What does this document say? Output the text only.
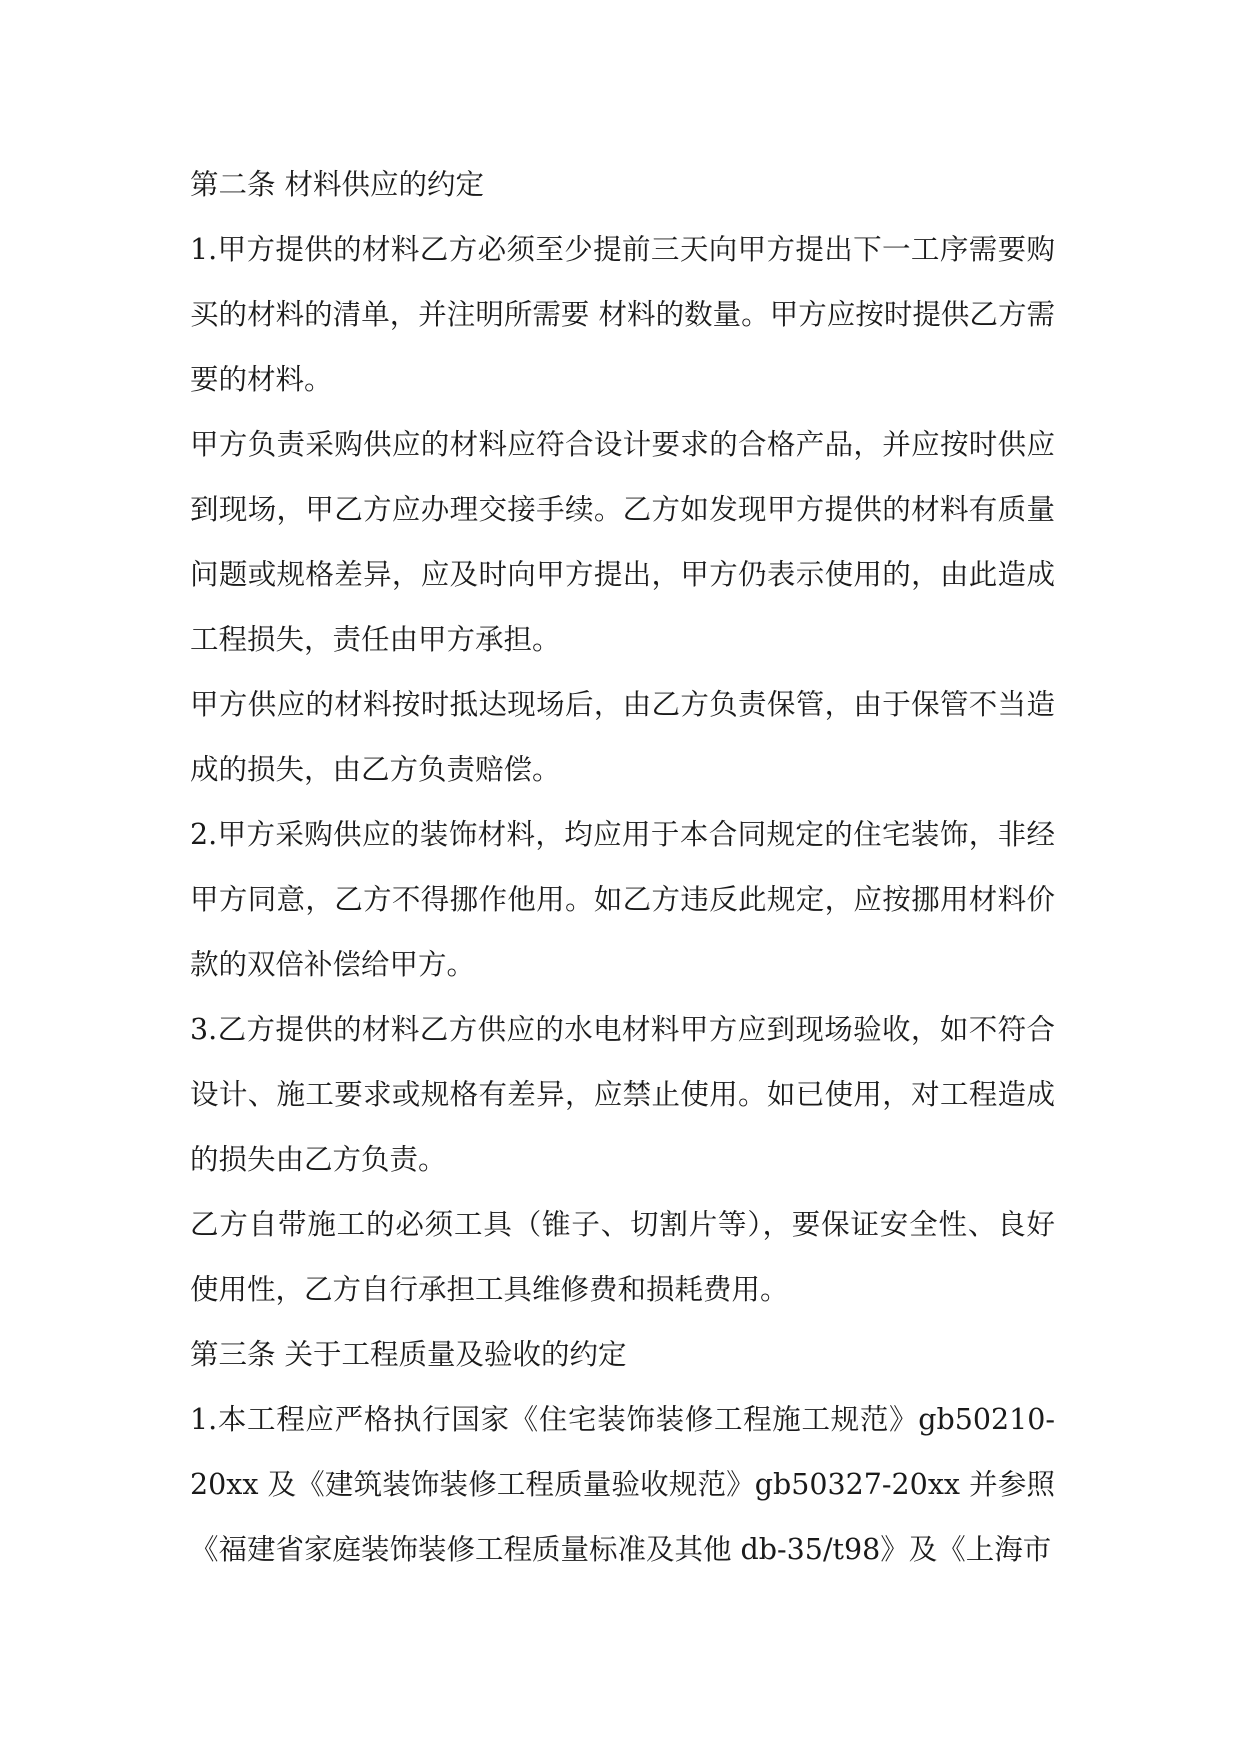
第二条 材料供应的约定

1.甲方提供的材料乙方必须至少提前三天向甲方提出下一工序需要购买的材料的清单，并注明所需要 材料的数量。甲方应按时提供乙方需要的材料。

甲方负责采购供应的材料应符合设计要求的合格产品，并应按时供应到现场，甲乙方应办理交接手续。乙方如发现甲方提供的材料有质量问题或规格差异，应及时向甲方提出，甲方仍表示使用的，由此造成工程损失，责任由甲方承担。

甲方供应的材料按时抵达现场后，由乙方负责保管，由于保管不当造成的损失，由乙方负责赔偿。

2.甲方采购供应的装饰材料，均应用于本合同规定的住宅装饰，非经甲方同意，乙方不得挪作他用。如乙方违反此规定，应按挪用材料价款的双倍补偿给甲方。

3.乙方提供的材料乙方供应的水电材料甲方应到现场验收，如不符合设计、施工要求或规格有差异，应禁止使用。如已使用，对工程造成的损失由乙方负责。

乙方自带施工的必须工具（锥子、切割片等），要保证安全性、良好使用性，乙方自行承担工具维修费和损耗费用。

第三条 关于工程质量及验收的约定

1.本工程应严格执行国家《住宅装饰装修工程施工规范》gb50210-20xx 及《建筑装饰装修工程质量验收规范》gb50327-20xx 并参照《福建省家庭装饰装修工程质量标准及其他 db-35/t98》及《上海市
